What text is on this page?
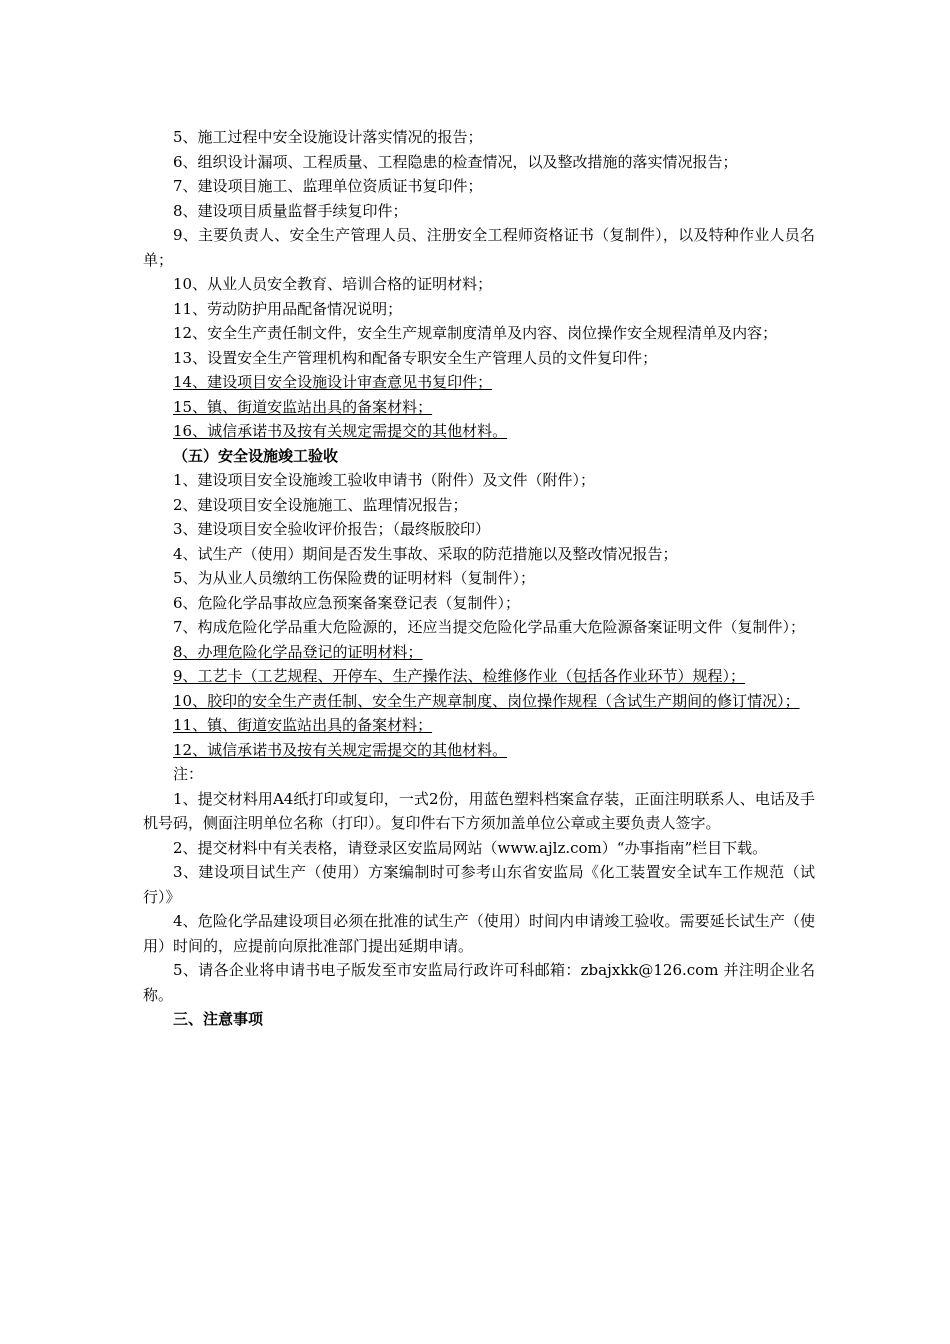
5、施工过程中安全设施设计落实情况的报告；

6、组织设计漏项、工程质量、工程隐患的检查情况，以及整改措施的落实情况报告；

7、建设项目施工、监理单位资质证书复印件；

8、建设项目质量监督手续复印件；

9、主要负责人、安全生产管理人员、注册安全工程师资格证书（复制件），以及特种作业人员名单；

10、从业人员安全教育、培训合格的证明材料；

11、劳动防护用品配备情况说明；

12、安全生产责任制文件，安全生产规章制度清单及内容、岗位操作安全规程清单及内容；

13、设置安全生产管理机构和配备专职安全生产管理人员的文件复印件；

14、建设项目安全设施设计审查意见书复印件；

15、镇、街道安监站出具的备案材料；

16、诚信承诺书及按有关规定需提交的其他材料。

（五）安全设施竣工验收

1、建设项目安全设施竣工验收申请书（附件）及文件（附件）；

2、建设项目安全设施施工、监理情况报告；

3、建设项目安全验收评价报告；（最终版胶印）

4、试生产（使用）期间是否发生事故、采取的防范措施以及整改情况报告；

5、为从业人员缴纳工伤保险费的证明材料（复制件）；

6、危险化学品事故应急预案备案登记表（复制件）；

7、构成危险化学品重大危险源的，还应当提交危险化学品重大危险源备案证明文件（复制件）；

8、办理危险化学品登记的证明材料；

9、工艺卡（工艺规程、开停车、生产操作法、检维修作业（包括各作业环节）规程）；

10、胶印的安全生产责任制、安全生产规章制度、岗位操作规程（含试生产期间的修订情况）；

11、镇、街道安监站出具的备案材料；

12、诚信承诺书及按有关规定需提交的其他材料。

注：

1、提交材料用A4纸打印或复印，一式2份，用蓝色塑料档案盒存装，正面注明联系人、电话及手机号码，侧面注明单位名称（打印）。复印件右下方须加盖单位公章或主要负责人签字。

2、提交材料中有关表格，请登录区安监局网站（www.ajlz.com）“办事指南”栏目下载。

3、建设项目试生产（使用）方案编制时可参考山东省安监局《化工装置安全试车工作规范（试行）》

4、危险化学品建设项目必须在批准的试生产（使用）时间内申请竣工验收。需要延长试生产（使用）时间的，应提前向原批准部门提出延期申请。

5、请各企业将申请书电子版发至市安监局行政许可科邮箱：zbajxkk@126.com 并注明企业名称。

三、注意事项
